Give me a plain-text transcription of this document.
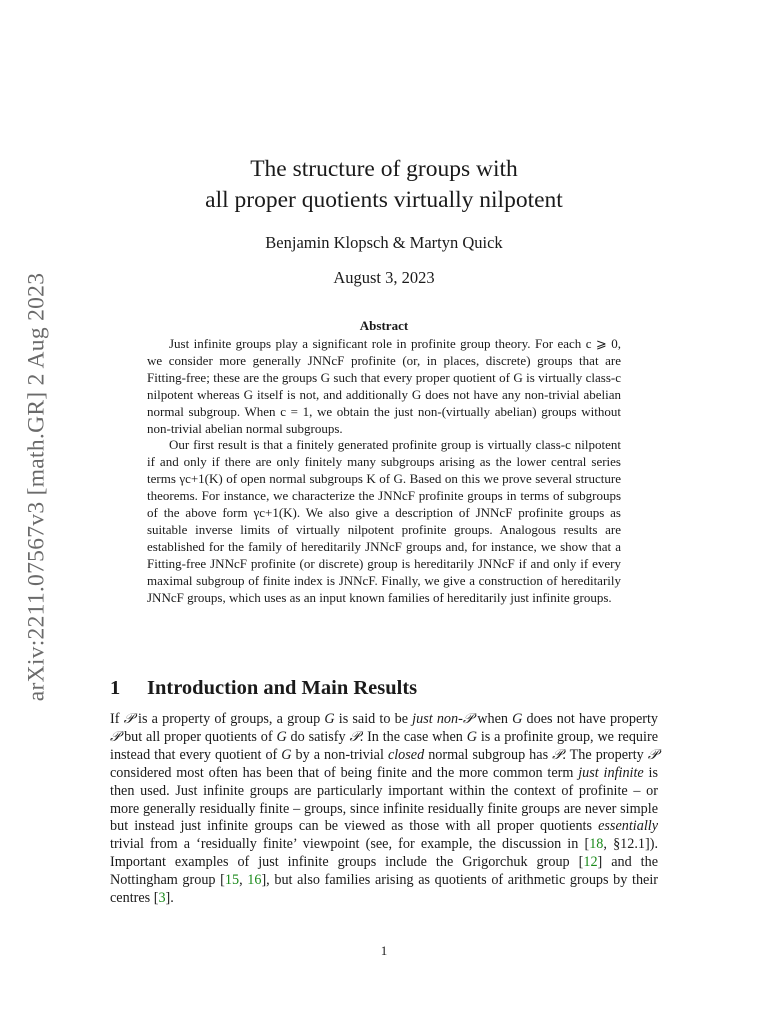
arXiv:2211.07567v3 [math.GR] 2 Aug 2023
The structure of groups with
all proper quotients virtually nilpotent
Benjamin Klopsch & Martyn Quick
August 3, 2023
Abstract

Just infinite groups play a significant role in profinite group theory. For each c ⩾ 0, we consider more generally JNNcF profinite (or, in places, discrete) groups that are Fitting-free; these are the groups G such that every proper quotient of G is virtually class-c nilpotent whereas G itself is not, and additionally G does not have any non-trivial abelian normal subgroup. When c = 1, we obtain the just non-(virtually abelian) groups without non-trivial abelian normal subgroups.

Our first result is that a finitely generated profinite group is virtually class-c nilpotent if and only if there are only finitely many subgroups arising as the lower central series terms γc+1(K) of open normal subgroups K of G. Based on this we prove several structure theorems. For instance, we characterize the JNNcF profinite groups in terms of subgroups of the above form γc+1(K). We also give a description of JNNcF profinite groups as suitable inverse limits of virtually nilpotent profinite groups. Analogous results are established for the family of hereditarily JNNcF groups and, for instance, we show that a Fitting-free JNNcF profinite (or discrete) group is hereditarily JNNcF if and only if every maximal subgroup of finite index is JNNcF. Finally, we give a construction of hereditarily JNNcF groups, which uses as an input known families of hereditarily just infinite groups.

1 Introduction and Main Results

If 𝒫 is a property of groups, a group G is said to be just non-𝒫 when G does not have property 𝒫 but all proper quotients of G do satisfy 𝒫. In the case when G is a profinite group, we require instead that every quotient of G by a non-trivial closed normal subgroup has 𝒫. The property 𝒫 considered most often has been that of being finite and the more common term just infinite is then used. Just infinite groups are particularly important within the context of profinite – or more generally residually finite – groups, since infinite residually finite groups are never simple but instead just infinite groups can be viewed as those with all proper quotients essentially trivial from a ‘residually finite’ viewpoint (see, for example, the discussion in [18, §12.1]). Important examples of just infinite groups include the Grigorchuk group [12] and the Nottingham group [15, 16], but also families arising as quotients of arithmetic groups by their centres [3].

1
